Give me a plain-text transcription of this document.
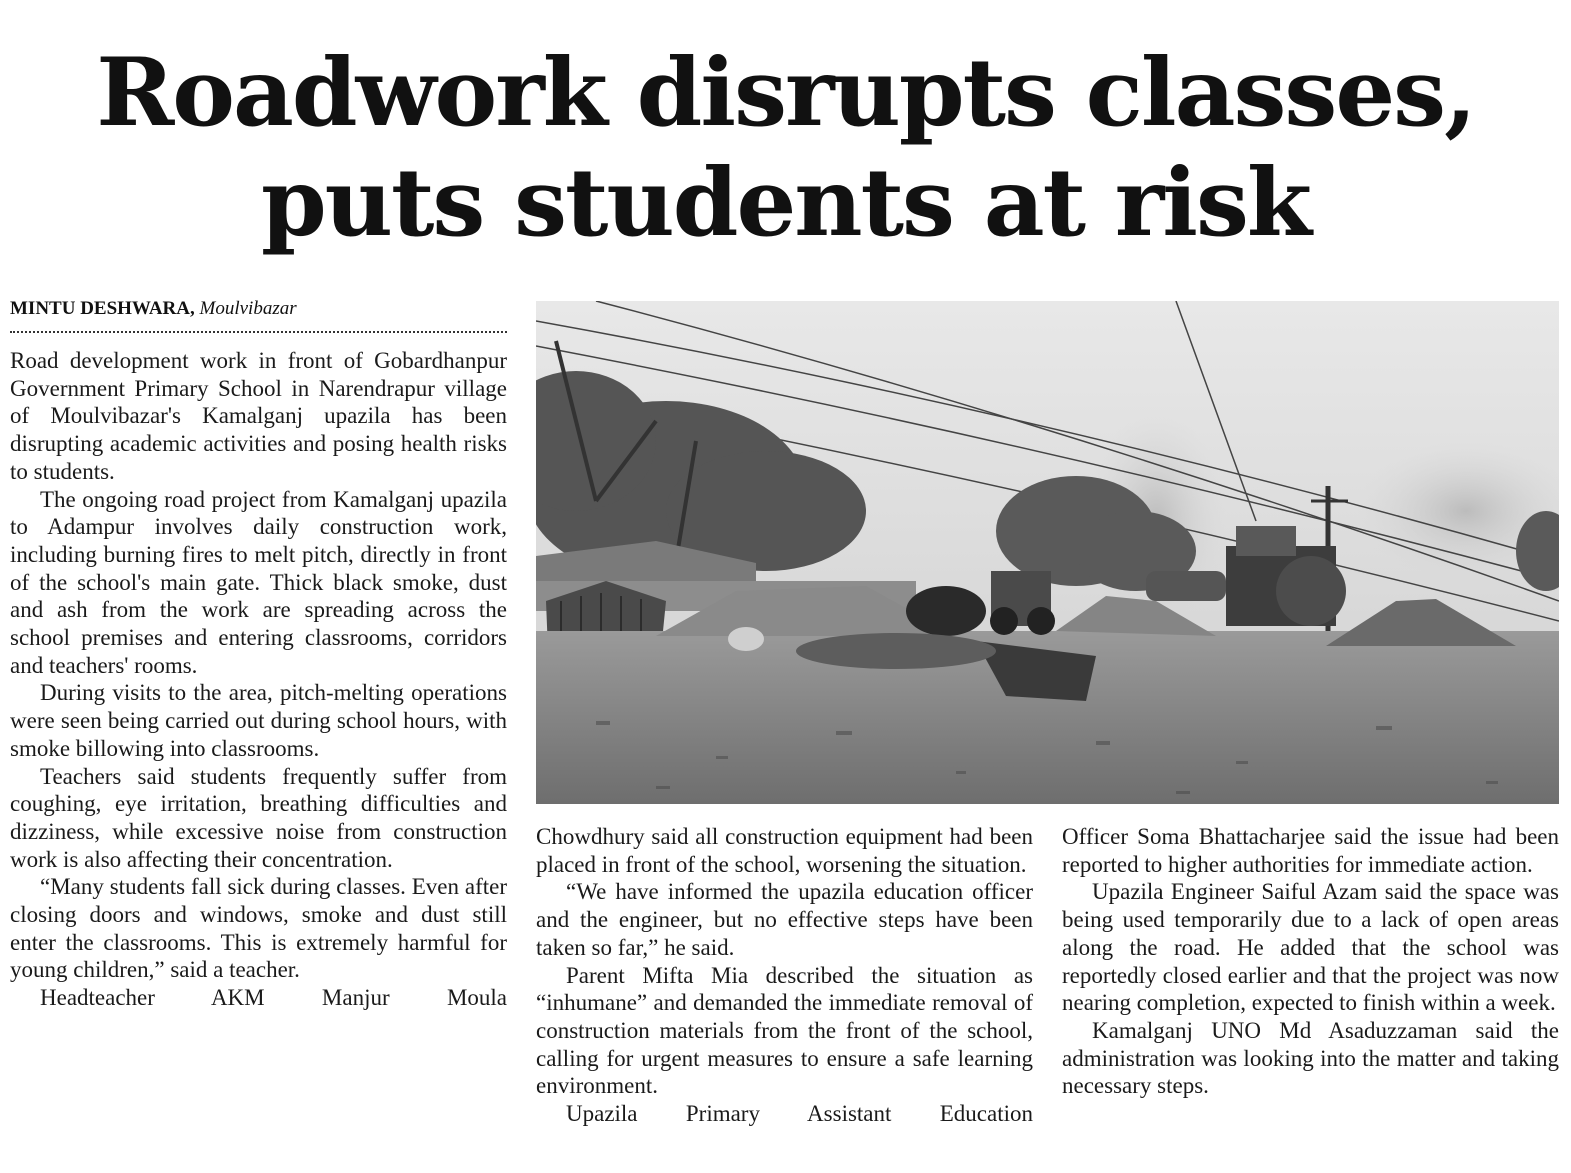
Roadwork disrupts classes,
puts students at risk
MINTU DESHWARA, Moulvibazar

Road development work in front of Gobardhanpur Government Primary School in Narendrapur village of Moulvibazar's Kamalganj upazila has been disrupting academic activities and posing health risks to students.

The ongoing road project from Kamalganj upazila to Adampur involves daily construction work, including burning fires to melt pitch, directly in front of the school's main gate. Thick black smoke, dust and ash from the work are spreading across the school premises and entering classrooms, corridors and teachers' rooms.

During visits to the area, pitch-melting operations were seen being carried out during school hours, with smoke billowing into classrooms.

Teachers said students frequently suffer from coughing, eye irritation, breathing difficulties and dizziness, while excessive noise from construction work is also affecting their concentration.

“Many students fall sick during classes. Even after closing doors and windows, smoke and dust still enter the classrooms. This is extremely harmful for young children,” said a teacher.

Headteacher AKM Manjur Moula

Chowdhury said all construction equipment had been placed in front of the school, worsening the situation.

“We have informed the upazila education officer and the engineer, but no effective steps have been taken so far,” he said.

Parent Mifta Mia described the situation as “inhumane” and demanded the immediate removal of construction materials from the front of the school, calling for urgent measures to ensure a safe learning environment.

Upazila Primary Assistant Education

Officer Soma Bhattacharjee said the issue had been reported to higher authorities for immediate action.

Upazila Engineer Saiful Azam said the space was being used temporarily due to a lack of open areas along the road. He added that the school was reportedly closed earlier and that the project was now nearing completion, expected to finish within a week.

Kamalganj UNO Md Asaduzzaman said the administration was looking into the matter and taking necessary steps.
